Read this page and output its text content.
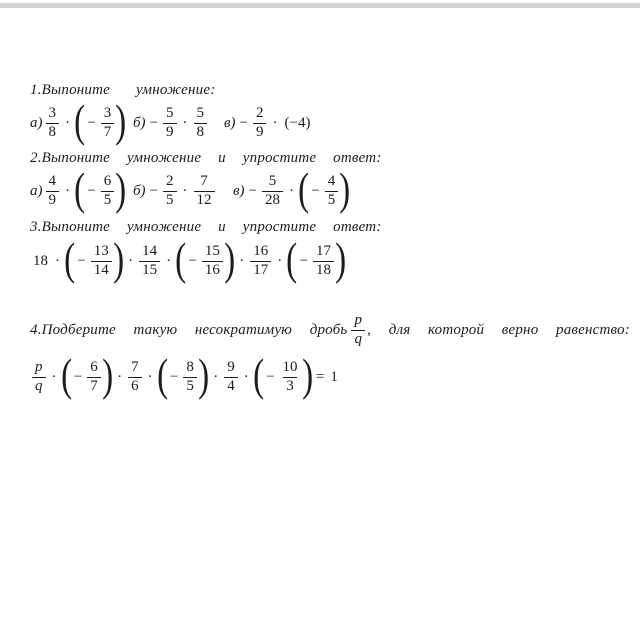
1.Выпоните умножение:
$а) \frac{3}{8}$ · ( − $\frac{3}{7}$ ) $б) - \frac{5}{9} \cdot \frac{5}{8} в) - \frac{2}{9} \cdot (-4)$
2.Выпоните умножение и упростите ответ:
$а) \frac{4}{9}$ · ( − $\frac{6}{5}$ ) $б) - \frac{2}{5} \cdot \frac{7}{12} в) - \frac{5}{28}$ · ( − $\frac{4}{5}$ )
3.Выпоните умножение и упростите ответ:
18 · ( − $\frac{13}{14}$ ) · $\frac{14}{15}$ · ( − $\frac{15}{16}$ ) · $\frac{16}{17}$ · ( − $\frac{17}{18}$ )
4.Подберите такую несократимую дробь $\frac{p}{q}$ , для которой верно равенство:
$\frac{p}{q}$ · ( − $\frac{6}{7}$ ) · $\frac{7}{6}$ · ( − $\frac{8}{5}$ ) · $\frac{9}{4}$ · ( − $\frac{10}{3}$ ) = 1
